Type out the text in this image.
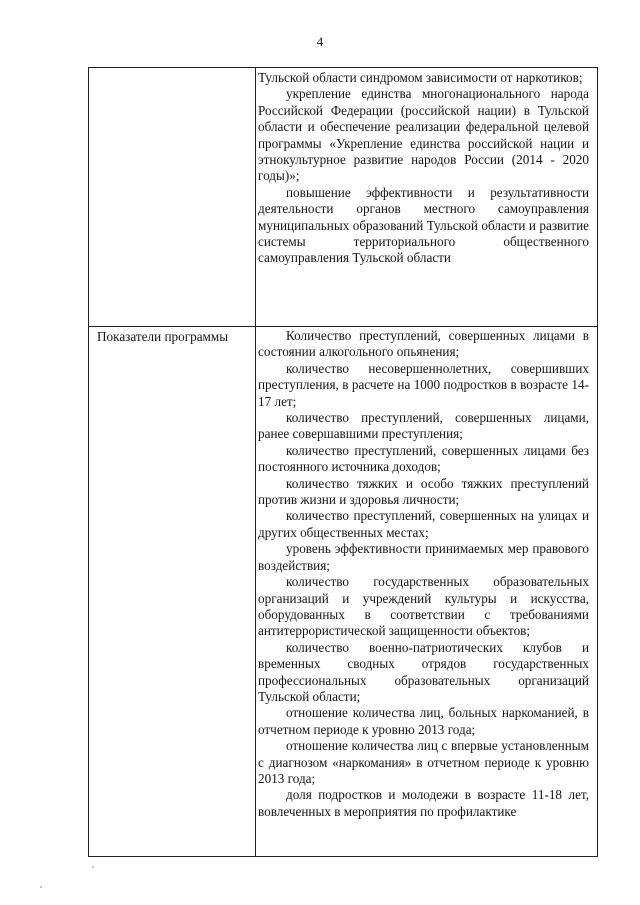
4

Тульской области синдромом зависимости от наркотиков;

укрепление единства многонационального народа Российской Федерации (российской нации) в Тульской области и обеспечение реализации федеральной целевой программы «Укрепление единства российской нации и этнокультурное развитие народов России (2014 - 2020 годы)»;

повышение эффективности и результативности деятельности органов местного самоуправления муниципальных образований Тульской области и развитие системы территориального общественного самоуправления Тульской области

Показатели программы	Количество преступлений, совершенных лицами в состоянии алкогольного опьянения;

количество несовершеннолетних, совершивших преступления, в расчете на 1000 подростков в возрасте 14-17 лет;

количество преступлений, совершенных лицами, ранее совершавшими преступления;

количество преступлений, совершенных лицами без постоянного источника доходов;

количество тяжких и особо тяжких преступлений против жизни и здоровья личности;

количество преступлений, совершенных на улицах и других общественных местах;

уровень эффективности принимаемых мер правового воздействия;

количество государственных образовательных организаций и учреждений культуры и искусства, оборудованных в соответствии с требованиями антитеррористической защищенности объектов;

количество военно-патриотических клубов и временных сводных отрядов государственных профессиональных образовательных организаций Тульской области;

отношение количества лиц, больных наркоманией, в отчетном периоде к уровню 2013 года;

отношение количества лиц с впервые установленным с диагнозом «наркомания» в отчетном периоде к уровню 2013 года;

доля подростков и молодежи в возрасте 11-18 лет, вовлеченных в мероприятия по профилактике
